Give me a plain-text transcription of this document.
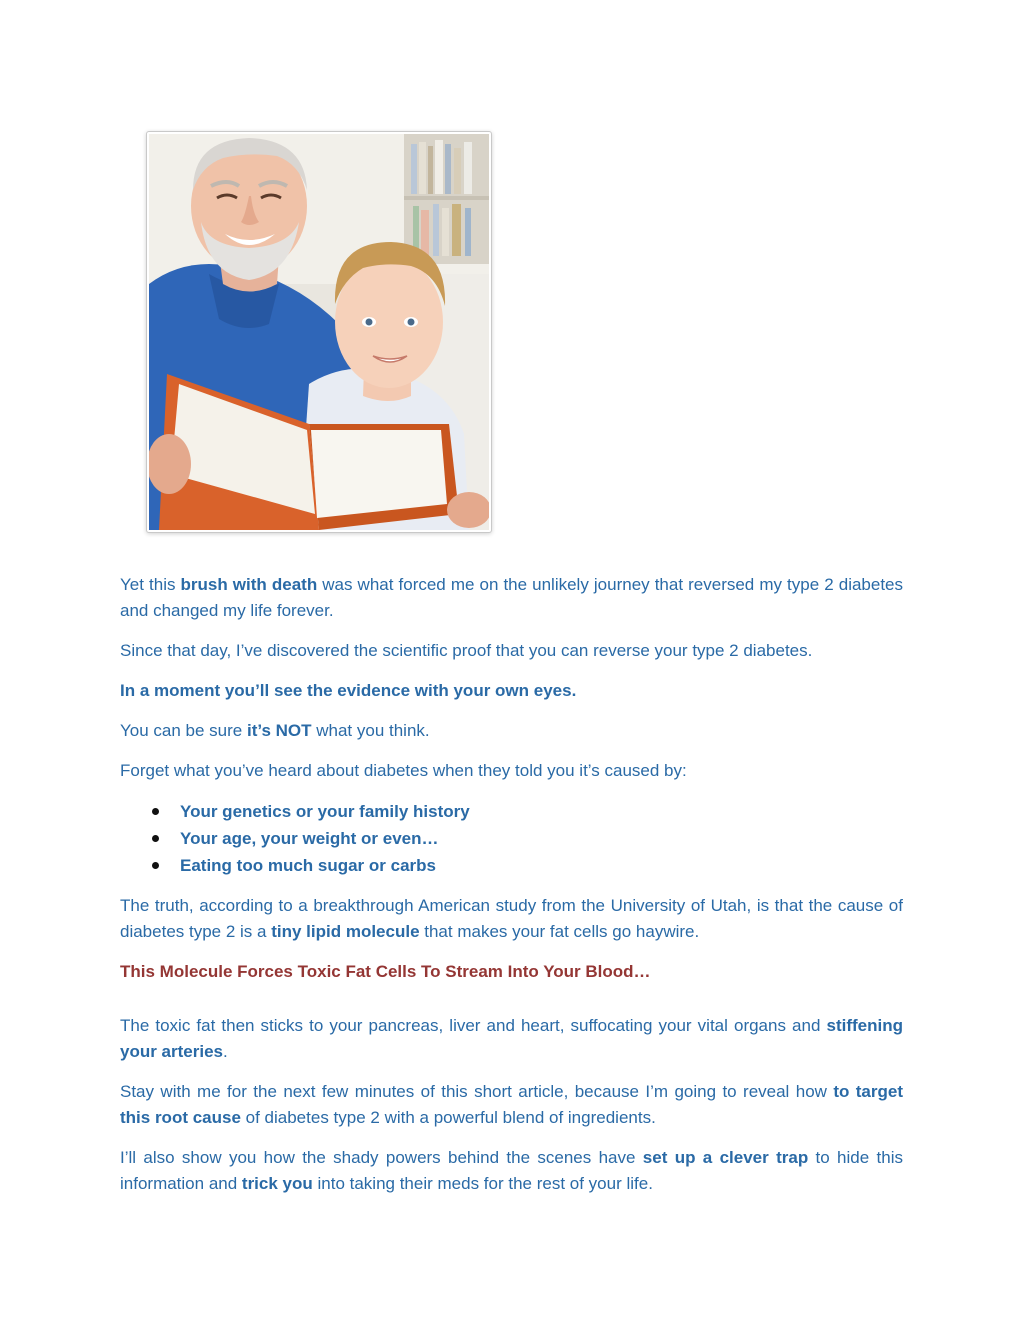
Yet this brush with death was what forced me on the unlikely journey that reversed my type 2 diabetes and changed my life forever.

Since that day, I’ve discovered the scientific proof that you can reverse your type 2 diabetes.

In a moment you’ll see the evidence with your own eyes.

You can be sure it’s NOT what you think.

Forget what you’ve heard about diabetes when they told you it’s caused by:

Your genetics or your family history
Your age, your weight or even…
Eating too much sugar or carbs

The truth, according to a breakthrough American study from the University of Utah, is that the cause of diabetes type 2 is a tiny lipid molecule that makes your fat cells go haywire.

This Molecule Forces Toxic Fat Cells To Stream Into Your Blood…

The toxic fat then sticks to your pancreas, liver and heart, suffocating your vital organs and stiffening your arteries.

Stay with me for the next few minutes of this short article, because I’m going to reveal how to target this root cause of diabetes type 2 with a powerful blend of ingredients.

I’ll also show you how the shady powers behind the scenes have set up a clever trap to hide this information and trick you into taking their meds for the rest of your life.
